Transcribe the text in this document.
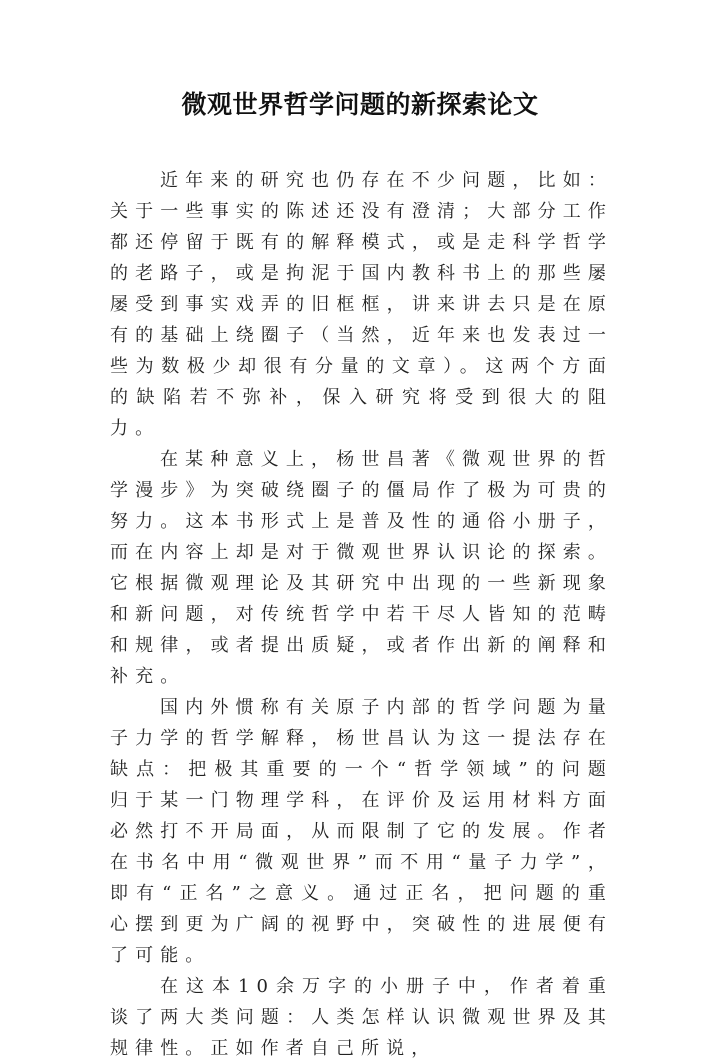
微观世界哲学问题的新探索论文

近年来的研究也仍存在不少问题，比如：关于一些事实的陈述还没有澄清；大部分工作都还停留于既有的解释模式，或是走科学哲学的老路子，或是拘泥于国内教科书上的那些屡屡受到事实戏弄的旧框框，讲来讲去只是在原有的基础上绕圈子（当然，近年来也发表过一些为数极少却很有分量的文章）。这两个方面的缺陷若不弥补，保入研究将受到很大的阻力。

在某种意义上，杨世昌著《微观世界的哲学漫步》为突破绕圈子的僵局作了极为可贵的努力。这本书形式上是普及性的通俗小册子，而在内容上却是对于微观世界认识论的探索。它根据微观理论及其研究中出现的一些新现象和新问题，对传统哲学中若干尽人皆知的范畴和规律，或者提出质疑，或者作出新的阐释和补充。

国内外惯称有关原子内部的哲学问题为量子力学的哲学解释，杨世昌认为这一提法存在缺点：把极其重要的一个“哲学领域”的问题归于某一门物理学科，在评价及运用材料方面必然打不开局面，从而限制了它的发展。作者在书名中用“微观世界”而不用“量子力学”，即有“正名”之意义。通过正名，把问题的重心摆到更为广阔的视野中，突破性的进展便有了可能。

在这本10余万字的小册子中，作者着重谈了两大类问题：人类怎样认识微观世界及其规律性。正如作者自己所说，
